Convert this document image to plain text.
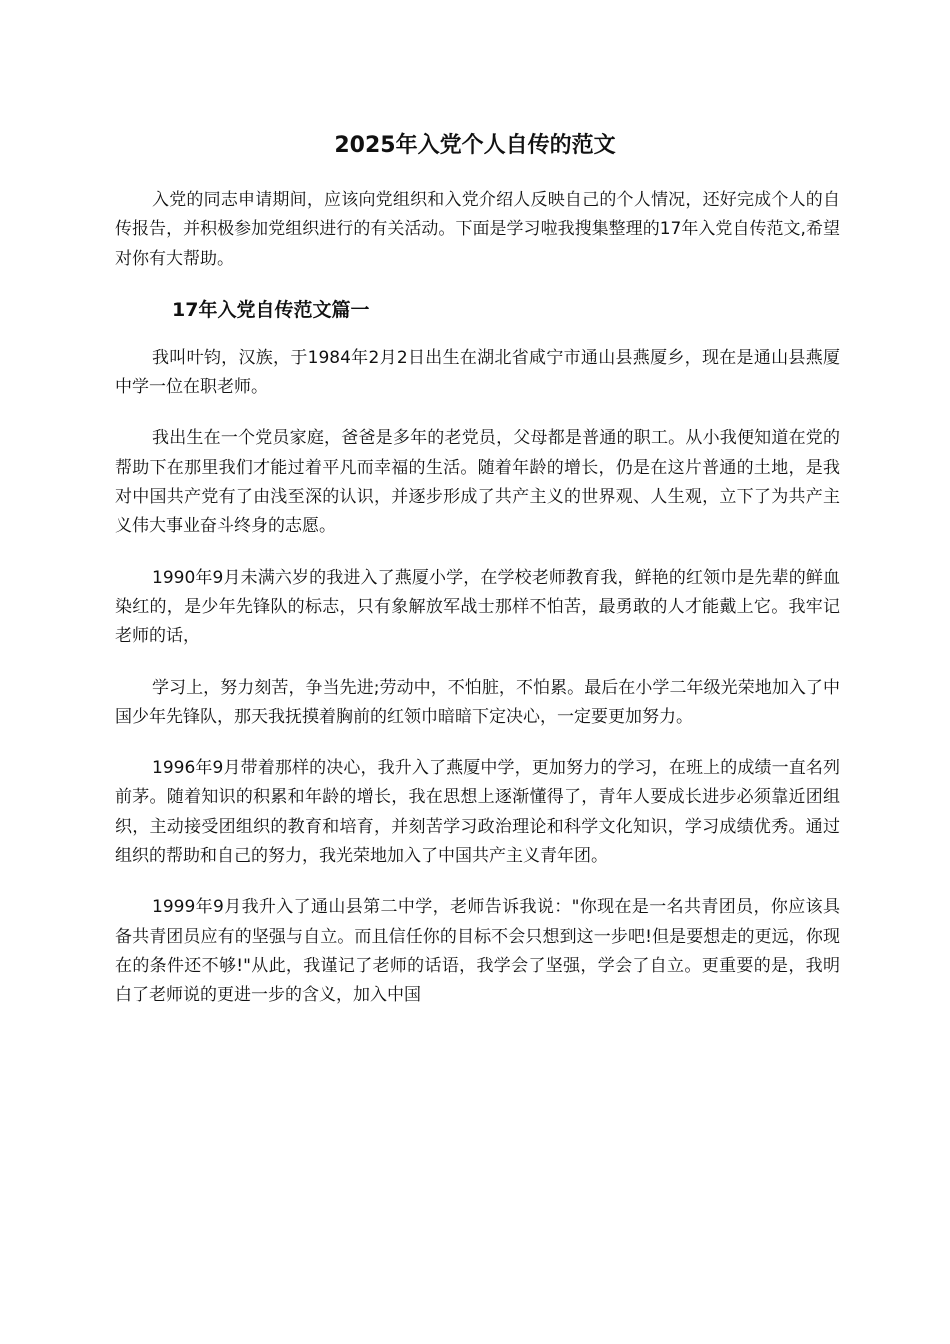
2025年入党个人自传的范文

入党的同志申请期间，应该向党组织和入党介绍人反映自己的个人情况，还好完成个人的自传报告，并积极参加党组织进行的有关活动。下面是学习啦我搜集整理的17年入党自传范文,希望对你有大帮助。

17年入党自传范文篇一

我叫叶钧，汉族，于1984年2月2日出生在湖北省咸宁市通山县燕厦乡，现在是通山县燕厦中学一位在职老师。

我出生在一个党员家庭，爸爸是多年的老党员，父母都是普通的职工。从小我便知道在党的帮助下在那里我们才能过着平凡而幸福的生活。随着年龄的增长，仍是在这片普通的土地，是我对中国共产党有了由浅至深的认识，并逐步形成了共产主义的世界观、人生观，立下了为共产主义伟大事业奋斗终身的志愿。

1990年9月未满六岁的我进入了燕厦小学，在学校老师教育我，鲜艳的红领巾是先辈的鲜血染红的，是少年先锋队的标志，只有象解放军战士那样不怕苦，最勇敢的人才能戴上它。我牢记老师的话，

学习上，努力刻苦，争当先进;劳动中，不怕脏，不怕累。最后在小学二年级光荣地加入了中国少年先锋队，那天我抚摸着胸前的红领巾暗暗下定决心，一定要更加努力。

1996年9月带着那样的决心，我升入了燕厦中学，更加努力的学习，在班上的成绩一直名列前茅。随着知识的积累和年龄的增长，我在思想上逐渐懂得了，青年人要成长进步必须靠近团组织，主动接受团组织的教育和培育，并刻苦学习政治理论和科学文化知识，学习成绩优秀。通过组织的帮助和自己的努力，我光荣地加入了中国共产主义青年团。

1999年9月我升入了通山县第二中学，老师告诉我说："你现在是一名共青团员，你应该具备共青团员应有的坚强与自立。而且信任你的目标不会只想到这一步吧!但是要想走的更远，你现在的条件还不够!"从此，我谨记了老师的话语，我学会了坚强，学会了自立。更重要的是，我明白了老师说的更进一步的含义，加入中国
